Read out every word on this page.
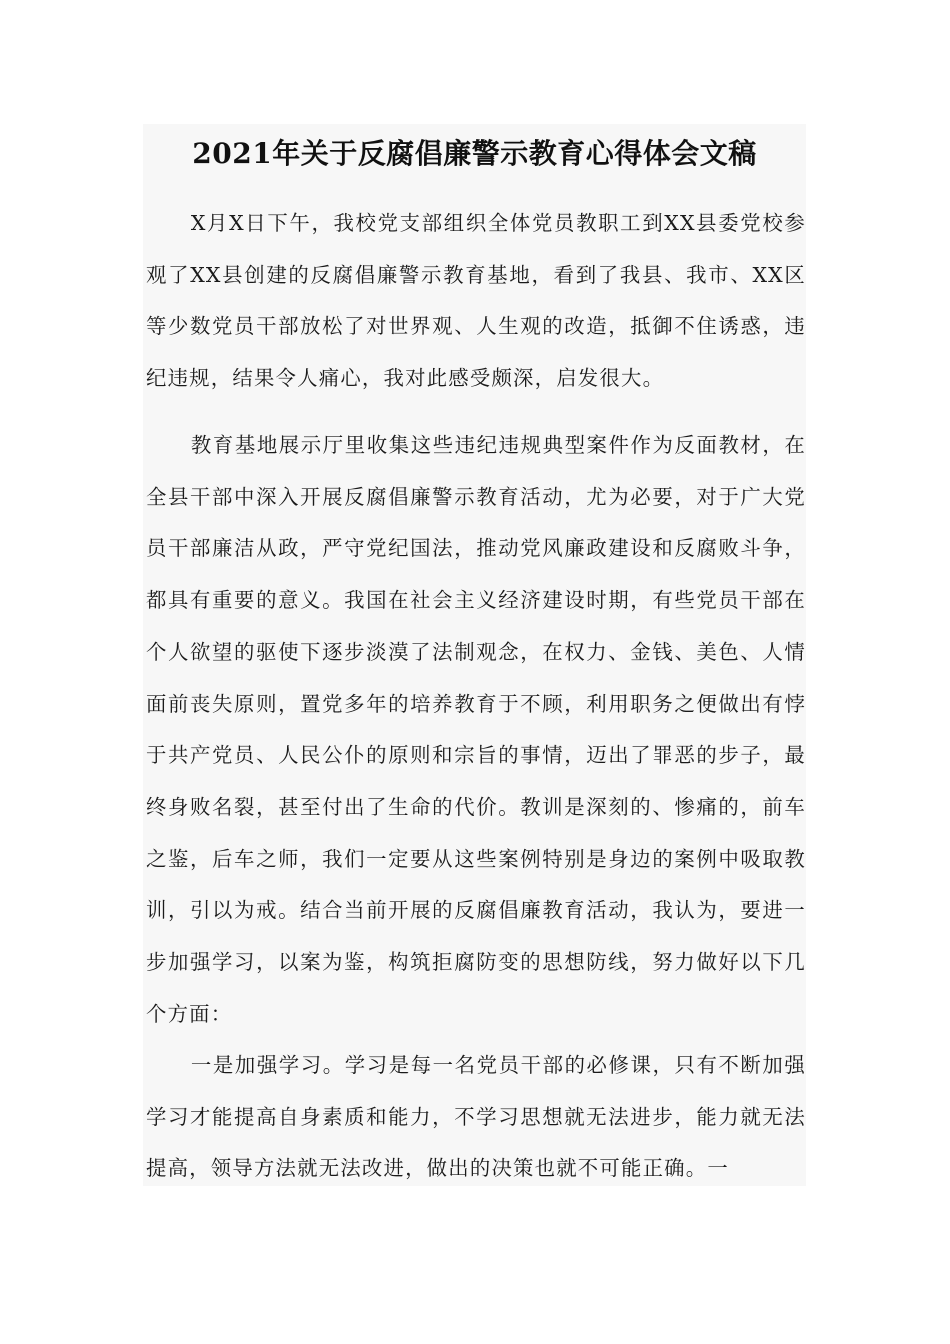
2021年关于反腐倡廉警示教育心得体会文稿

X月X日下午，我校党支部组织全体党员教职工到XX县委党校参观了XX县创建的反腐倡廉警示教育基地，看到了我县、我市、XX区等少数党员干部放松了对世界观、人生观的改造，抵御不住诱惑，违纪违规，结果令人痛心，我对此感受颇深，启发很大。

教育基地展示厅里收集这些违纪违规典型案件作为反面教材，在全县干部中深入开展反腐倡廉警示教育活动，尤为必要，对于广大党员干部廉洁从政，严守党纪国法，推动党风廉政建设和反腐败斗争，都具有重要的意义。我国在社会主义经济建设时期，有些党员干部在个人欲望的驱使下逐步淡漠了法制观念，在权力、金钱、美色、人情面前丧失原则，置党多年的培养教育于不顾，利用职务之便做出有悖于共产党员、人民公仆的原则和宗旨的事情，迈出了罪恶的步子，最终身败名裂，甚至付出了生命的代价。教训是深刻的、惨痛的，前车之鉴，后车之师，我们一定要从这些案例特别是身边的案例中吸取教训，引以为戒。结合当前开展的反腐倡廉教育活动，我认为，要进一步加强学习，以案为鉴，构筑拒腐防变的思想防线，努力做好以下几个方面：

一是加强学习。学习是每一名党员干部的必修课，只有不断加强学习才能提高自身素质和能力，不学习思想就无法进步，能力就无法提高，领导方法就无法改进，做出的决策也就不可能正确。一
